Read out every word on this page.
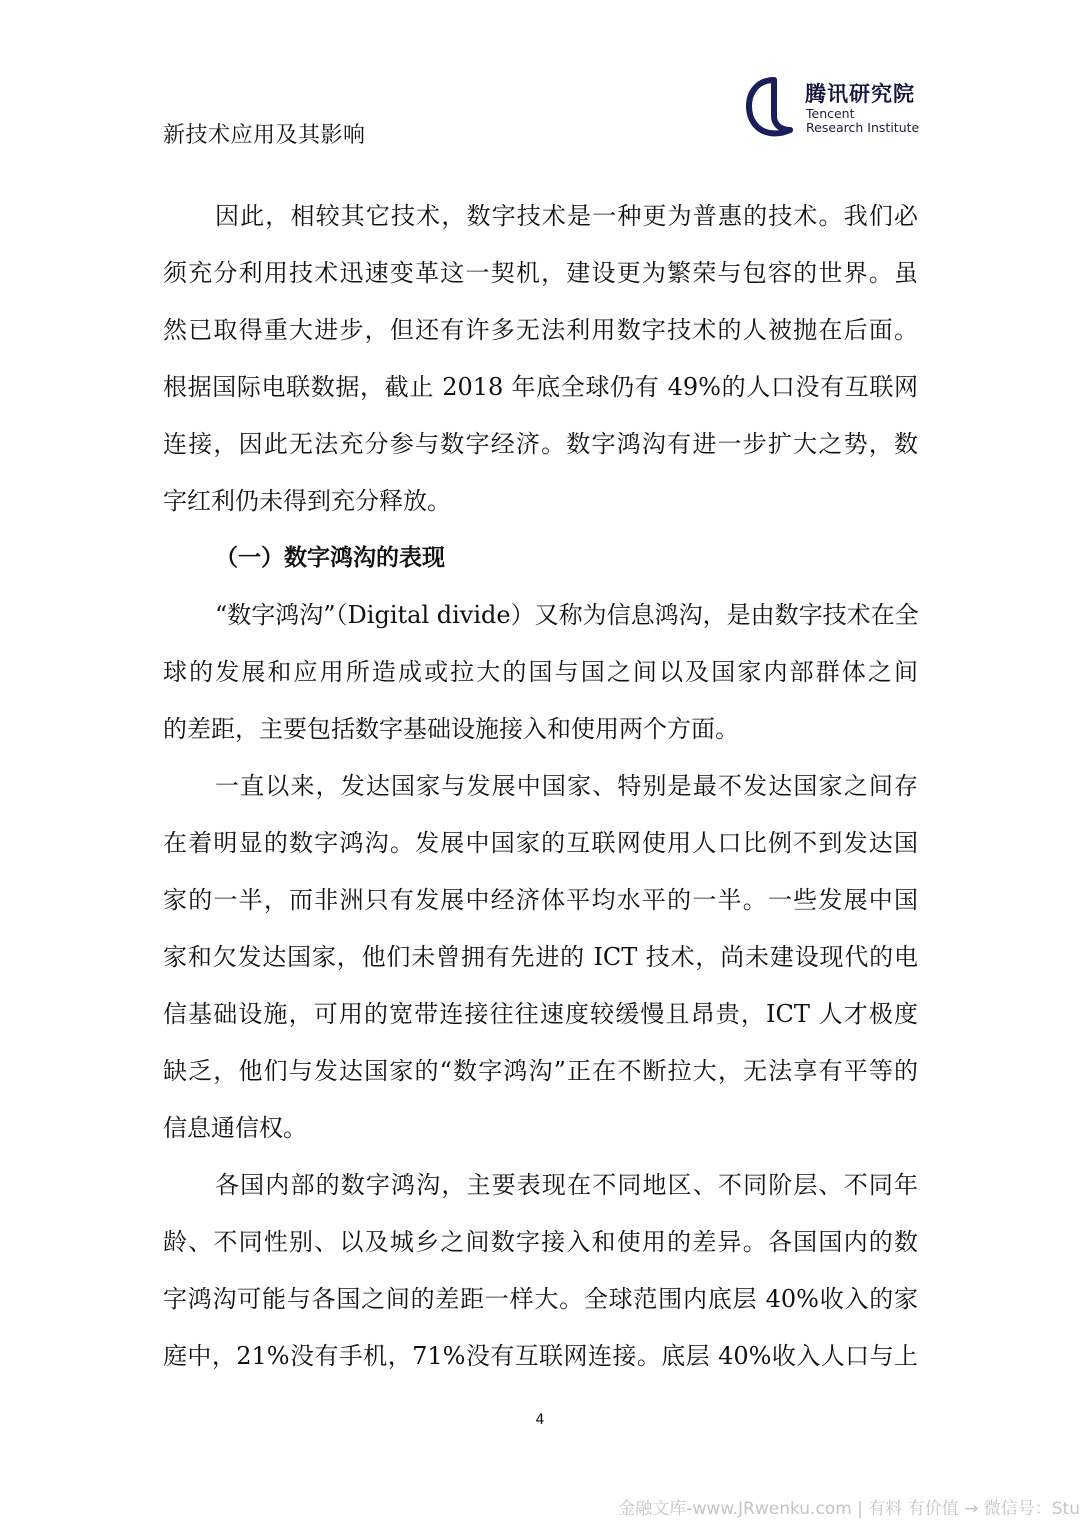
新技术应用及其影响
腾讯研究院
Tencent
Research Institute
因此，相较其它技术，数字技术是一种更为普惠的技术。我们必
须充分利用技术迅速变革这一契机，建设更为繁荣与包容的世界。虽
然已取得重大进步，但还有许多无法利用数字技术的人被抛在后面。
根据国际电联数据，截止 2018 年底全球仍有 49%的人口没有互联网
连接，因此无法充分参与数字经济。数字鸿沟有进一步扩大之势，数
字红利仍未得到充分释放。
（一）数字鸿沟的表现
“数字鸿沟”（Digital divide）又称为信息鸿沟，是由数字技术在全
球的发展和应用所造成或拉大的国与国之间以及国家内部群体之间
的差距，主要包括数字基础设施接入和使用两个方面。
一直以来，发达国家与发展中国家、特别是最不发达国家之间存
在着明显的数字鸿沟。发展中国家的互联网使用人口比例不到发达国
家的一半，而非洲只有发展中经济体平均水平的一半。一些发展中国
家和欠发达国家，他们未曾拥有先进的 ICT 技术，尚未建设现代的电
信基础设施，可用的宽带连接往往速度较缓慢且昂贵，ICT 人才极度
缺乏，他们与发达国家的“数字鸿沟”正在不断拉大，无法享有平等的
信息通信权。
各国内部的数字鸿沟，主要表现在不同地区、不同阶层、不同年
龄、不同性别、以及城乡之间数字接入和使用的差异。各国国内的数
字鸿沟可能与各国之间的差距一样大。全球范围内底层 40%收入的家
庭中，21%没有手机，71%没有互联网连接。底层 40%收入人口与上
4
金融文库-www.JRwenku.com | 有料 有价值 → 微信号：Stu
